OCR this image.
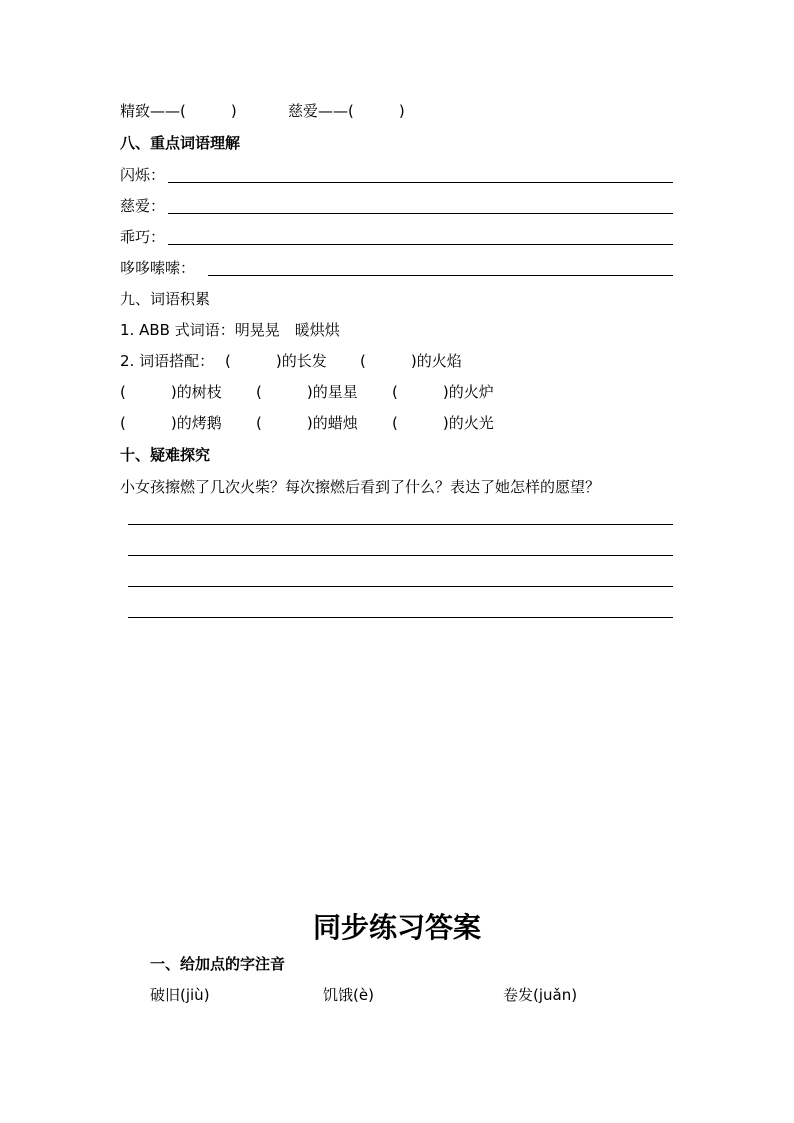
精致——(　　　)	慈爱——(　　　)
八、重点词语理解
闪烁：
慈爱：
乖巧：
哆哆嗦嗦：
九、词语积累
1. ABB 式词语：明晃晃　暖烘烘
2. 词语搭配： (　　　)的长发 (　　　)的火焰
(　　　)的树枝 (　　　)的星星 (　　　)的火炉
(　　　)的烤鹅 (　　　)的蜡烛 (　　　)的火光
十、疑难探究
小女孩擦燃了几次火柴？每次擦燃后看到了什么？表达了她怎样的愿望？
同步练习答案
一、给加点的字注音
破旧(jiù)	饥饿(è)	卷发(juǎn)
